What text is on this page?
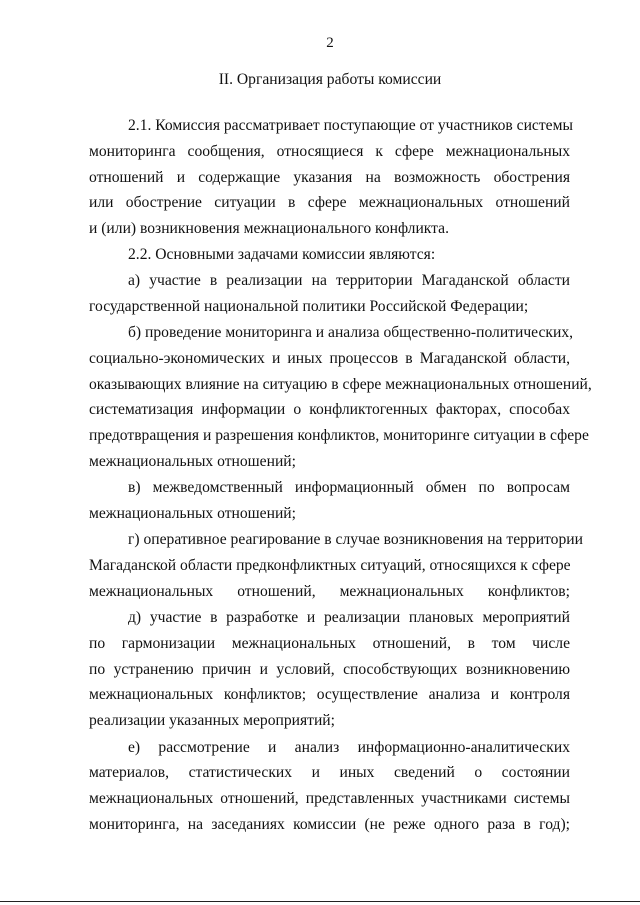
2
II. Организация работы комиссии
2.1. Комиссия рассматривает поступающие от участников системы
мониторинга сообщения, относящиеся к сфере межнациональных
отношений и содержащие указания на возможность обострения
или обострение ситуации в сфере межнациональных отношений
и (или) возникновения межнационального конфликта.
2.2. Основными задачами комиссии являются:
а) участие в реализации на территории Магаданской области
государственной национальной политики Российской Федерации;
б) проведение мониторинга и анализа общественно-политических,
социально-экономических и иных процессов в Магаданской области,
оказывающих влияние на ситуацию в сфере межнациональных отношений,
систематизация информации о конфликтогенных факторах, способах
предотвращения и разрешения конфликтов, мониторинге ситуации в сфере
межнациональных отношений;
в) межведомственный информационный обмен по вопросам
межнациональных отношений;
г) оперативное реагирование в случае возникновения на территории
Магаданской области предконфликтных ситуаций, относящихся к сфере
межнациональных отношений, межнациональных конфликтов;
д) участие в разработке и реализации плановых мероприятий
по гармонизации межнациональных отношений, в том числе
по устранению причин и условий, способствующих возникновению
межнациональных конфликтов; осуществление анализа и контроля
реализации указанных мероприятий;
е) рассмотрение и анализ информационно-аналитических
материалов, статистических и иных сведений о состоянии
межнациональных отношений, представленных участниками системы
мониторинга, на заседаниях комиссии (не реже одного раза в год);
